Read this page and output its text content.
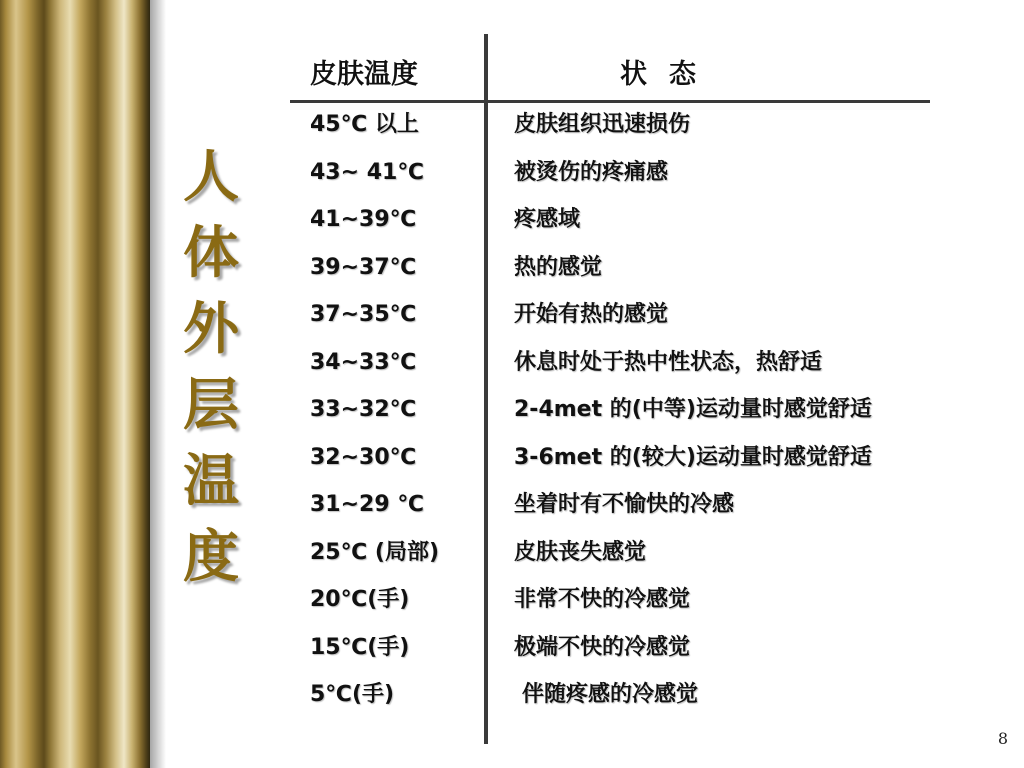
人
体
外
层
温
度
皮肤温度	状态
45℃ 以上	皮肤组织迅速损伤
43~ 41℃	被烫伤的疼痛感
41~39℃	疼感域
39~37℃	热的感觉
37~35℃	开始有热的感觉
34~33℃	休息时处于热中性状态，热舒适
33~32℃	2-4met 的(中等)运动量时感觉舒适
32~30℃	3-6met 的(较大)运动量时感觉舒适
31~29 ℃	坐着时有不愉快的冷感
25℃ (局部)	皮肤丧失感觉
20℃(手)	非常不快的冷感觉
15℃(手)	极端不快的冷感觉
5℃(手)	伴随疼感的冷感觉
8
